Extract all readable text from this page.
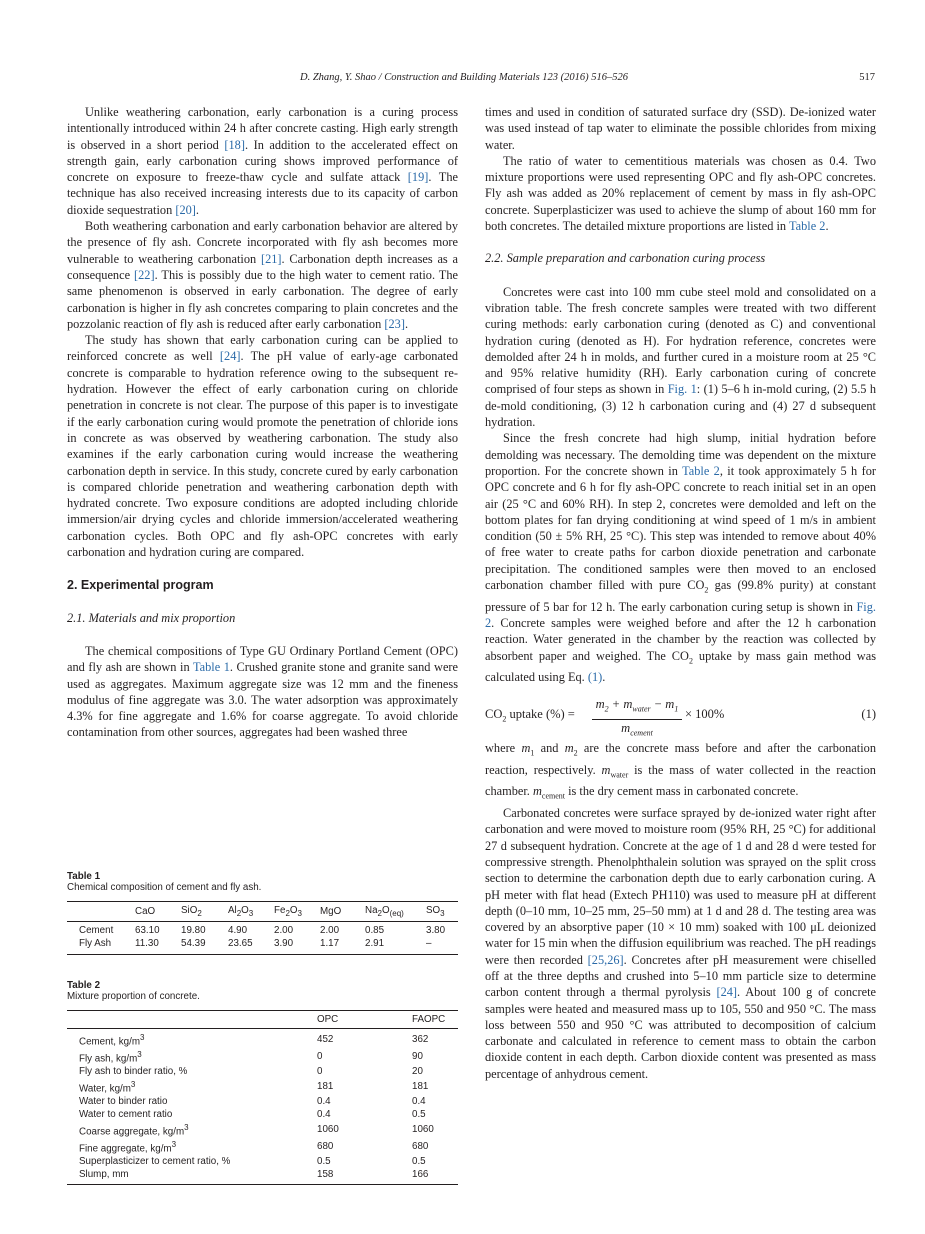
D. Zhang, Y. Shao / Construction and Building Materials 123 (2016) 516–526	517

Unlike weathering carbonation, early carbonation is a curing process intentionally introduced within 24 h after concrete casting. High early strength is observed in a short period [18]. In addition to the accelerated effect on strength gain, early carbonation curing shows improved performance of concrete on exposure to freeze-thaw cycle and sulfate attack [19]. The technique has also received increasing interests due to its capacity of carbon dioxide sequestration [20].

Both weathering carbonation and early carbonation behavior are altered by the presence of fly ash. Concrete incorporated with fly ash becomes more vulnerable to weathering carbonation [21]. Carbonation depth increases as a consequence [22]. This is possibly due to the high water to cement ratio. The same phenomenon is observed in early carbonation. The degree of early carbonation is higher in fly ash concretes comparing to plain concretes and the pozzolanic reaction of fly ash is reduced after early carbonation [23].

The study has shown that early carbonation curing can be applied to reinforced concrete as well [24]. The pH value of early-age carbonated concrete is comparable to hydration reference owing to the subsequent re-hydration. However the effect of early carbonation curing on chloride penetration in concrete is not clear. The purpose of this paper is to investigate if the early carbonation curing would promote the penetration of chloride ions in concrete as was observed by weathering carbonation. The study also examines if the early carbonation curing would increase the weathering carbonation depth in service. In this study, concrete cured by early carbonation is compared chloride penetration and weathering carbonation depth with hydrated concrete. Two exposure conditions are adopted including chloride immersion/air drying cycles and chloride immersion/accelerated weathering carbonation cycles. Both OPC and fly ash-OPC concretes with early carbonation and hydration curing are compared.

2. Experimental program
2.1. Materials and mix proportion

The chemical compositions of Type GU Ordinary Portland Cement (OPC) and fly ash are shown in Table 1. Crushed granite stone and granite sand were used as aggregates. Maximum aggregate size was 12 mm and the fineness modulus of fine aggregate was 3.0. The water adsorption was approximately 4.3% for fine aggregate and 1.6% for coarse aggregate. To avoid chloride contamination from other sources, aggregates had been washed three

Table 1
Chemical composition of cement and fly ash.
	CaO	SiO$_2$	$Al_2O_3$	$Fe_2O_3$	MgO	$Na_2O_{(eq)}$	$SO_3$
Cement	63.10	19.80	4.90	2.00	2.00	0.85	3.80
Fly Ash	11.30	54.39	23.65	3.90	1.17	2.91	–
Table 2
Mixture proportion of concrete.
	OPC	FAOPC
Cement, $kg/m^3$	452	362
Fly ash, $kg/m^3$	0	90
Fly ash to binder ratio, %	0	20
Water, $kg/m^3$	181	181
Water to binder ratio	0.4	0.4
Water to cement ratio	0.4	0.5
Coarse aggregate, $kg/m^3$	1060	1060
Fine aggregate, $kg/m^3$	680	680
Superplasticizer to cement ratio, %	0.5	0.5
Slump, mm	158	166

times and used in condition of saturated surface dry (SSD). De-ionized water was used instead of tap water to eliminate the possible chlorides from mixing water.

The ratio of water to cementitious materials was chosen as 0.4. Two mixture proportions were used representing OPC and fly ash-OPC concretes. Fly ash was added as 20% replacement of cement by mass in fly ash-OPC concrete. Superplasticizer was used to achieve the slump of about 160 mm for both concretes. The detailed mixture proportions are listed in Table 2.

2.2. Sample preparation and carbonation curing process

Concretes were cast into 100 mm cube steel mold and consolidated on a vibration table. The fresh concrete samples were treated with two different curing methods: early carbonation curing (denoted as C) and conventional hydration curing (denoted as H). For hydration reference, concretes were demolded after 24 h in molds, and further cured in a moisture room at 25 °C and 95% relative humidity (RH). Early carbonation curing of concrete comprised of four steps as shown in Fig. 1: (1) 5–6 h in-mold curing, (2) 5.5 h de-mold conditioning, (3) 12 h carbonation curing and (4) 27 d subsequent hydration.

Since the fresh concrete had high slump, initial hydration before demolding was necessary. The demolding time was dependent on the mixture proportion. For the concrete shown in Table 2, it took approximately 5 h for OPC concrete and 6 h for fly ash-OPC concrete to reach initial set in an open air (25 °C and 60% RH). In step 2, concretes were demolded and left on the bottom plates for fan drying conditioning at wind speed of 1 m/s in ambient condition (50 ± 5% RH, 25 °C). This step was intended to remove about 40% of free water to create paths for carbon dioxide penetration and carbonate precipitation. The conditioned samples were then moved to an enclosed carbonation chamber filled with pure $CO_2$ gas (99.8% purity) at constant pressure of 5 bar for 12 h. The early carbonation curing setup is shown in Fig. 2. Concrete samples were weighed before and after the 12 h carbonation reaction. Water generated in the chamber by the reaction was collected by absorbent paper and weighed. The $CO_2$ uptake by mass gain method was calculated using Eq. (1).

$CO_2$ uptake (%) =
$m_2 + m_{water} - m_1$
$m_{cement}$
× 100%	(1)

where $m_1$ and $m_2$ are the concrete mass before and after the carbonation reaction, respectively. $m_{water}$ is the mass of water collected in the reaction chamber. $m_{cement}$ is the dry cement mass in carbonated concrete.

Carbonated concretes were surface sprayed by de-ionized water right after carbonation and were moved to moisture room (95% RH, 25 °C) for additional 27 d subsequent hydration. Concrete at the age of 1 d and 28 d were tested for compressive strength. Phenolphthalein solution was sprayed on the split cross section to determine the carbonation depth due to early carbonation curing. A pH meter with flat head (Extech PH110) was used to measure pH at different depth (0–10 mm, 10–25 mm, 25–50 mm) at 1 d and 28 d. The testing area was covered by an absorptive paper (10 × 10 mm) soaked with 100 μL deionized water for 15 min when the diffusion equilibrium was reached. The pH readings were then recorded [25,26]. Concretes after pH measurement were chiselled off at the three depths and crushed into 5–10 mm particle size to determine carbon content through a thermal pyrolysis [24]. About 100 g of concrete samples were heated and measured mass up to 105, 550 and 950 °C. The mass loss between 550 and 950 °C was attributed to decomposition of calcium carbonate and calculated in reference to cement mass to obtain the carbon dioxide content in each depth. Carbon dioxide content was presented as mass percentage of anhydrous cement.
